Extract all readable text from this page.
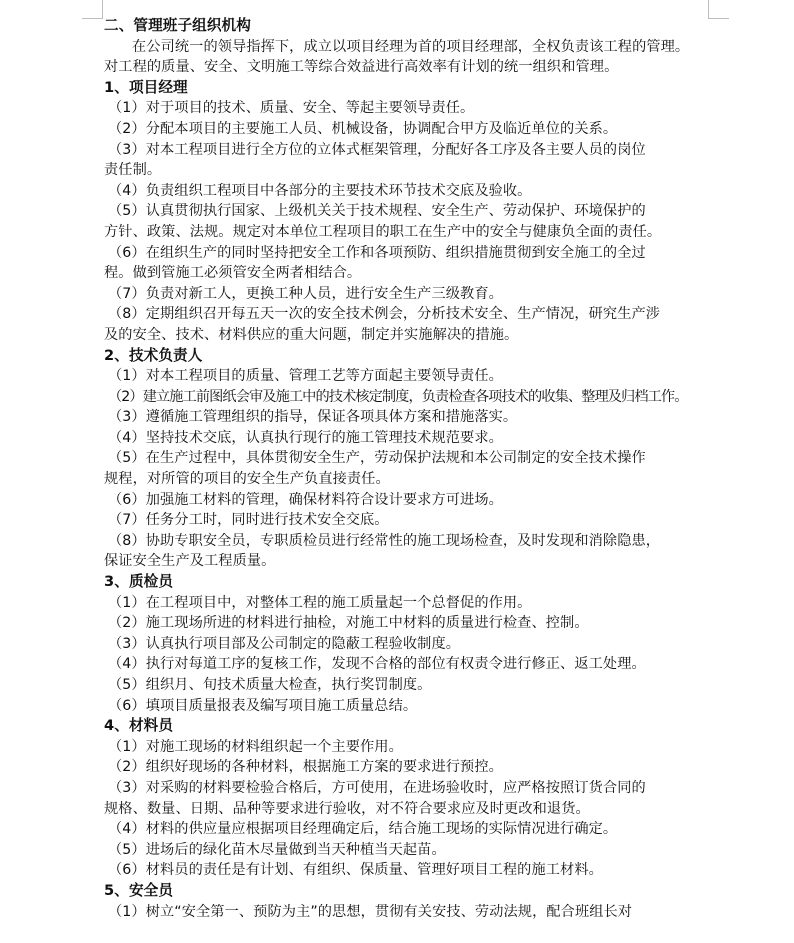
二、管理班子组织机构
在公司统一的领导指挥下，成立以项目经理为首的项目经理部，全权负责该工程的管理。
对工程的质量、安全、文明施工等综合效益进行高效率有计划的统一组织和管理。
1、项目经理
（1）对于项目的技术、质量、安全、等起主要领导责任。
（2）分配本项目的主要施工人员、机械设备，协调配合甲方及临近单位的关系。
（3）对本工程项目进行全方位的立体式框架管理，分配好各工序及各主要人员的岗位
责任制。
（4）负责组织工程项目中各部分的主要技术环节技术交底及验收。
（5）认真贯彻执行国家、上级机关关于技术规程、安全生产、劳动保护、环境保护的
方针、政策、法规。规定对本单位工程项目的职工在生产中的安全与健康负全面的责任。
（6）在组织生产的同时坚持把安全工作和各项预防、组织措施贯彻到安全施工的全过
程。做到管施工必须管安全两者相结合。
（7）负责对新工人，更换工种人员，进行安全生产三级教育。
（8）定期组织召开每五天一次的安全技术例会，分析技术安全、生产情况，研究生产涉
及的安全、技术、材料供应的重大问题，制定并实施解决的措施。
2、技术负责人
（1）对本工程项目的质量、管理工艺等方面起主要领导责任。
（2）建立施工前图纸会审及施工中的技术核定制度，负责检查各项技术的收集、整理及归档工作。
（3）遵循施工管理组织的指导，保证各项具体方案和措施落实。
（4）坚持技术交底，认真执行现行的施工管理技术规范要求。
（5）在生产过程中，具体贯彻安全生产，劳动保护法规和本公司制定的安全技术操作
规程，对所管的项目的安全生产负直接责任。
（6）加强施工材料的管理，确保材料符合设计要求方可进场。
（7）任务分工时，同时进行技术安全交底。
（8）协助专职安全员，专职质检员进行经常性的施工现场检查，及时发现和消除隐患，
保证安全生产及工程质量。
3、质检员
（1）在工程项目中，对整体工程的施工质量起一个总督促的作用。
（2）施工现场所进的材料进行抽检，对施工中材料的质量进行检查、控制。
（3）认真执行项目部及公司制定的隐蔽工程验收制度。
（4）执行对每道工序的复核工作，发现不合格的部位有权责令进行修正、返工处理。
（5）组织月、旬技术质量大检查，执行奖罚制度。
（6）填项目质量报表及编写项目施工质量总结。
4、材料员
（1）对施工现场的材料组织起一个主要作用。
（2）组织好现场的各种材料，根据施工方案的要求进行预控。
（3）对采购的材料要检验合格后，方可使用，在进场验收时，应严格按照订货合同的
规格、数量、日期、品种等要求进行验收，对不符合要求应及时更改和退货。
（4）材料的供应量应根据项目经理确定后，结合施工现场的实际情况进行确定。
（5）进场后的绿化苗木尽量做到当天种植当天起苗。
（6）材料员的责任是有计划、有组织、保质量、管理好项目工程的施工材料。
5、安全员
（1）树立“安全第一、预防为主”的思想，贯彻有关安技、劳动法规，配合班组长对
